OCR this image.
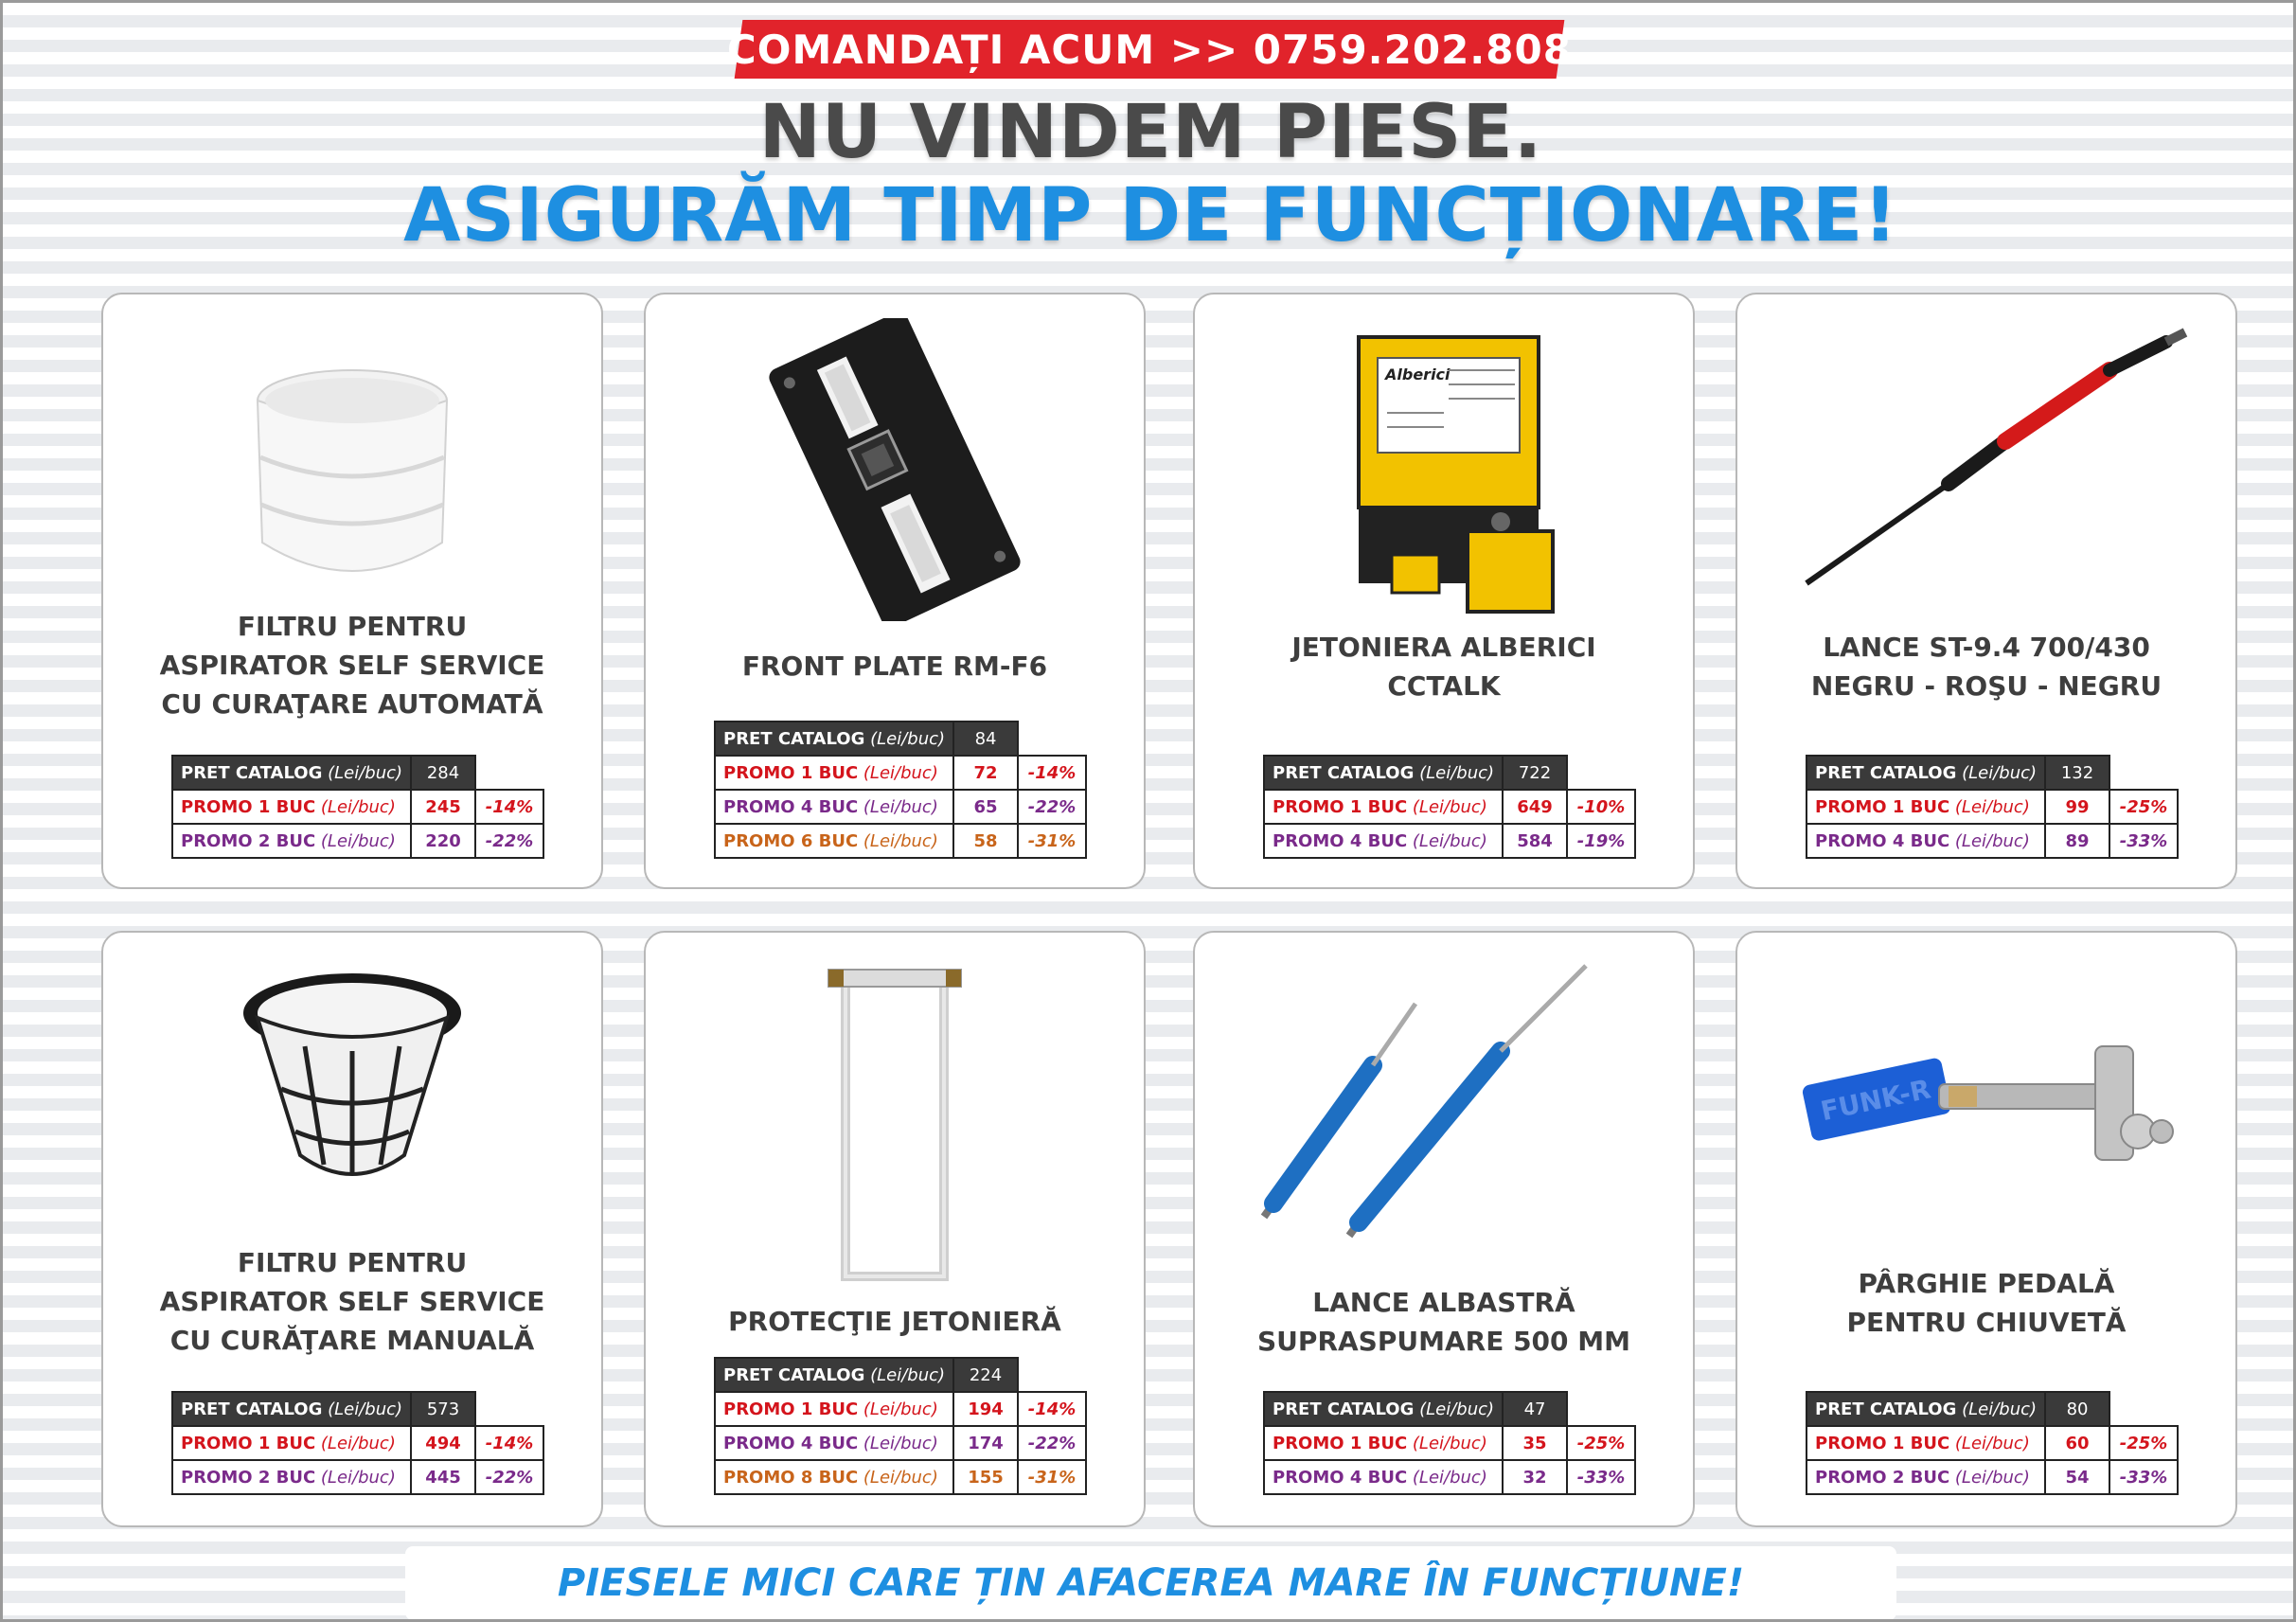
COMANDAȚI ACUM >> 0759.202.808
NU VINDEM PIESE.
ASIGURĂM TIMP DE FUNCȚIONARE!
FILTRU PENTRU
ASPIRATOR SELF SERVICE
CU CURAŢARE AUTOMATĂ
PRET CATALOG (Lei/buc)	284	
PROMO 1 BUC (Lei/buc)	245	-14%
PROMO 2 BUC (Lei/buc)	220	-22%
FRONT PLATE RM-F6
PRET CATALOG (Lei/buc)	84	
PROMO 1 BUC (Lei/buc)	72	-14%
PROMO 4 BUC (Lei/buc)	65	-22%
PROMO 6 BUC (Lei/buc)	58	-31%
Alberici
JETONIERA ALBERICI
CCTALK
PRET CATALOG (Lei/buc)	722	
PROMO 1 BUC (Lei/buc)	649	-10%
PROMO 4 BUC (Lei/buc)	584	-19%
LANCE ST-9.4 700/430
NEGRU - ROŞU - NEGRU
PRET CATALOG (Lei/buc)	132	
PROMO 1 BUC (Lei/buc)	99	-25%
PROMO 4 BUC (Lei/buc)	89	-33%
FILTRU PENTRU
ASPIRATOR SELF SERVICE
CU CURĂŢARE MANUALĂ
PRET CATALOG (Lei/buc)	573	
PROMO 1 BUC (Lei/buc)	494	-14%
PROMO 2 BUC (Lei/buc)	445	-22%
PROTECŢIE JETONIERĂ
PRET CATALOG (Lei/buc)	224	
PROMO 1 BUC (Lei/buc)	194	-14%
PROMO 4 BUC (Lei/buc)	174	-22%
PROMO 8 BUC (Lei/buc)	155	-31%
LANCE ALBASTRĂ
SUPRASPUMARE 500 MM
PRET CATALOG (Lei/buc)	47	
PROMO 1 BUC (Lei/buc)	35	-25%
PROMO 4 BUC (Lei/buc)	32	-33%
FUNK-R
PÂRGHIE PEDALĂ
PENTRU CHIUVETĂ
PRET CATALOG (Lei/buc)	80	
PROMO 1 BUC (Lei/buc)	60	-25%
PROMO 2 BUC (Lei/buc)	54	-33%
PIESELE MICI CARE ȚIN AFACEREA MARE ÎN FUNCȚIUNE!
